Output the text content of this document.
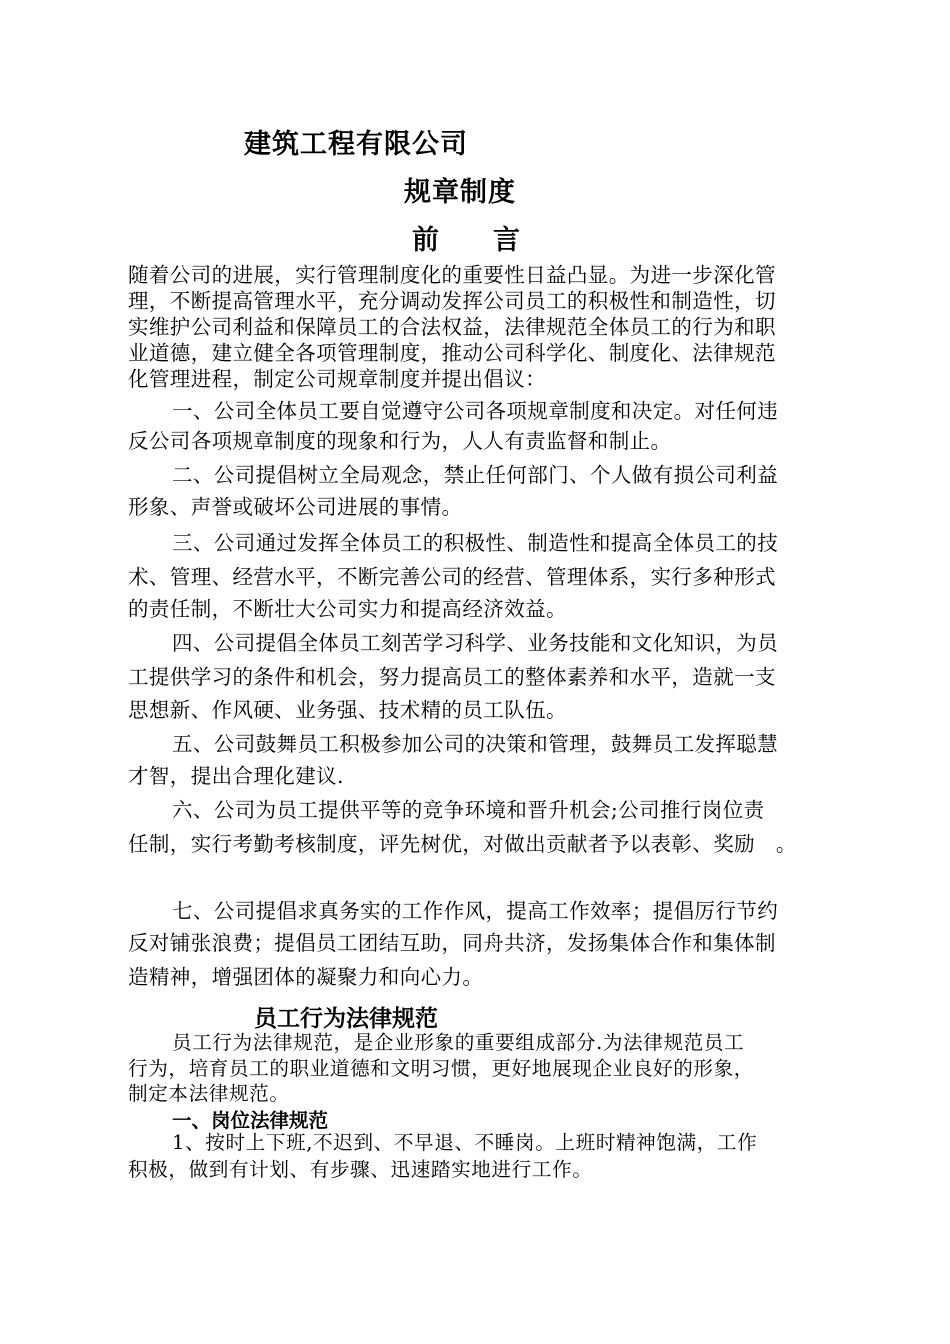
建筑工程有限公司
规章制度
前　　言
随着公司的进展，实行管理制度化的重要性日益凸显。为进一步深化管
理，不断提高管理水平，充分调动发挥公司员工的积极性和制造性，切
实维护公司利益和保障员工的合法权益，法律规范全体员工的行为和职
业道德，建立健全各项管理制度，推动公司科学化、制度化、法律规范
化管理进程，制定公司规章制度并提出倡议：
一、公司全体员工要自觉遵守公司各项规章制度和决定。对任何违
反公司各项规章制度的现象和行为，人人有责监督和制止。
二、公司提倡树立全局观念，禁止任何部门、个人做有损公司利益
形象、声誉或破坏公司进展的事情。
三、公司通过发挥全体员工的积极性、制造性和提高全体员工的技
术、管理、经营水平，不断完善公司的经营、管理体系，实行多种形式
的责任制，不断壮大公司实力和提高经济效益。
四、公司提倡全体员工刻苦学习科学、业务技能和文化知识，为员
工提供学习的条件和机会，努力提高员工的整体素养和水平，造就一支
思想新、作风硬、业务强、技术精的员工队伍。
五、公司鼓舞员工积极参加公司的决策和管理，鼓舞员工发挥聪慧
才智，提出合理化建议.
六、公司为员工提供平等的竞争环境和晋升机会;公司推行岗位责
任制，实行考勤考核制度，评先树优，对做出贡献者予以表彰、奖励　。
七、公司提倡求真务实的工作作风，提高工作效率；提倡厉行节约
反对铺张浪费；提倡员工团结互助，同舟共济，发扬集体合作和集体制
造精神，增强团体的凝聚力和向心力。
员工行为法律规范
员工行为法律规范，是企业形象的重要组成部分.为法律规范员工
行为，培育员工的职业道德和文明习惯，更好地展现企业良好的形象，
制定本法律规范。
一、岗位法律规范
1、按时上下班,不迟到、不早退、不睡岗。上班时精神饱满，工作
积极，做到有计划、有步骤、迅速踏实地进行工作。
